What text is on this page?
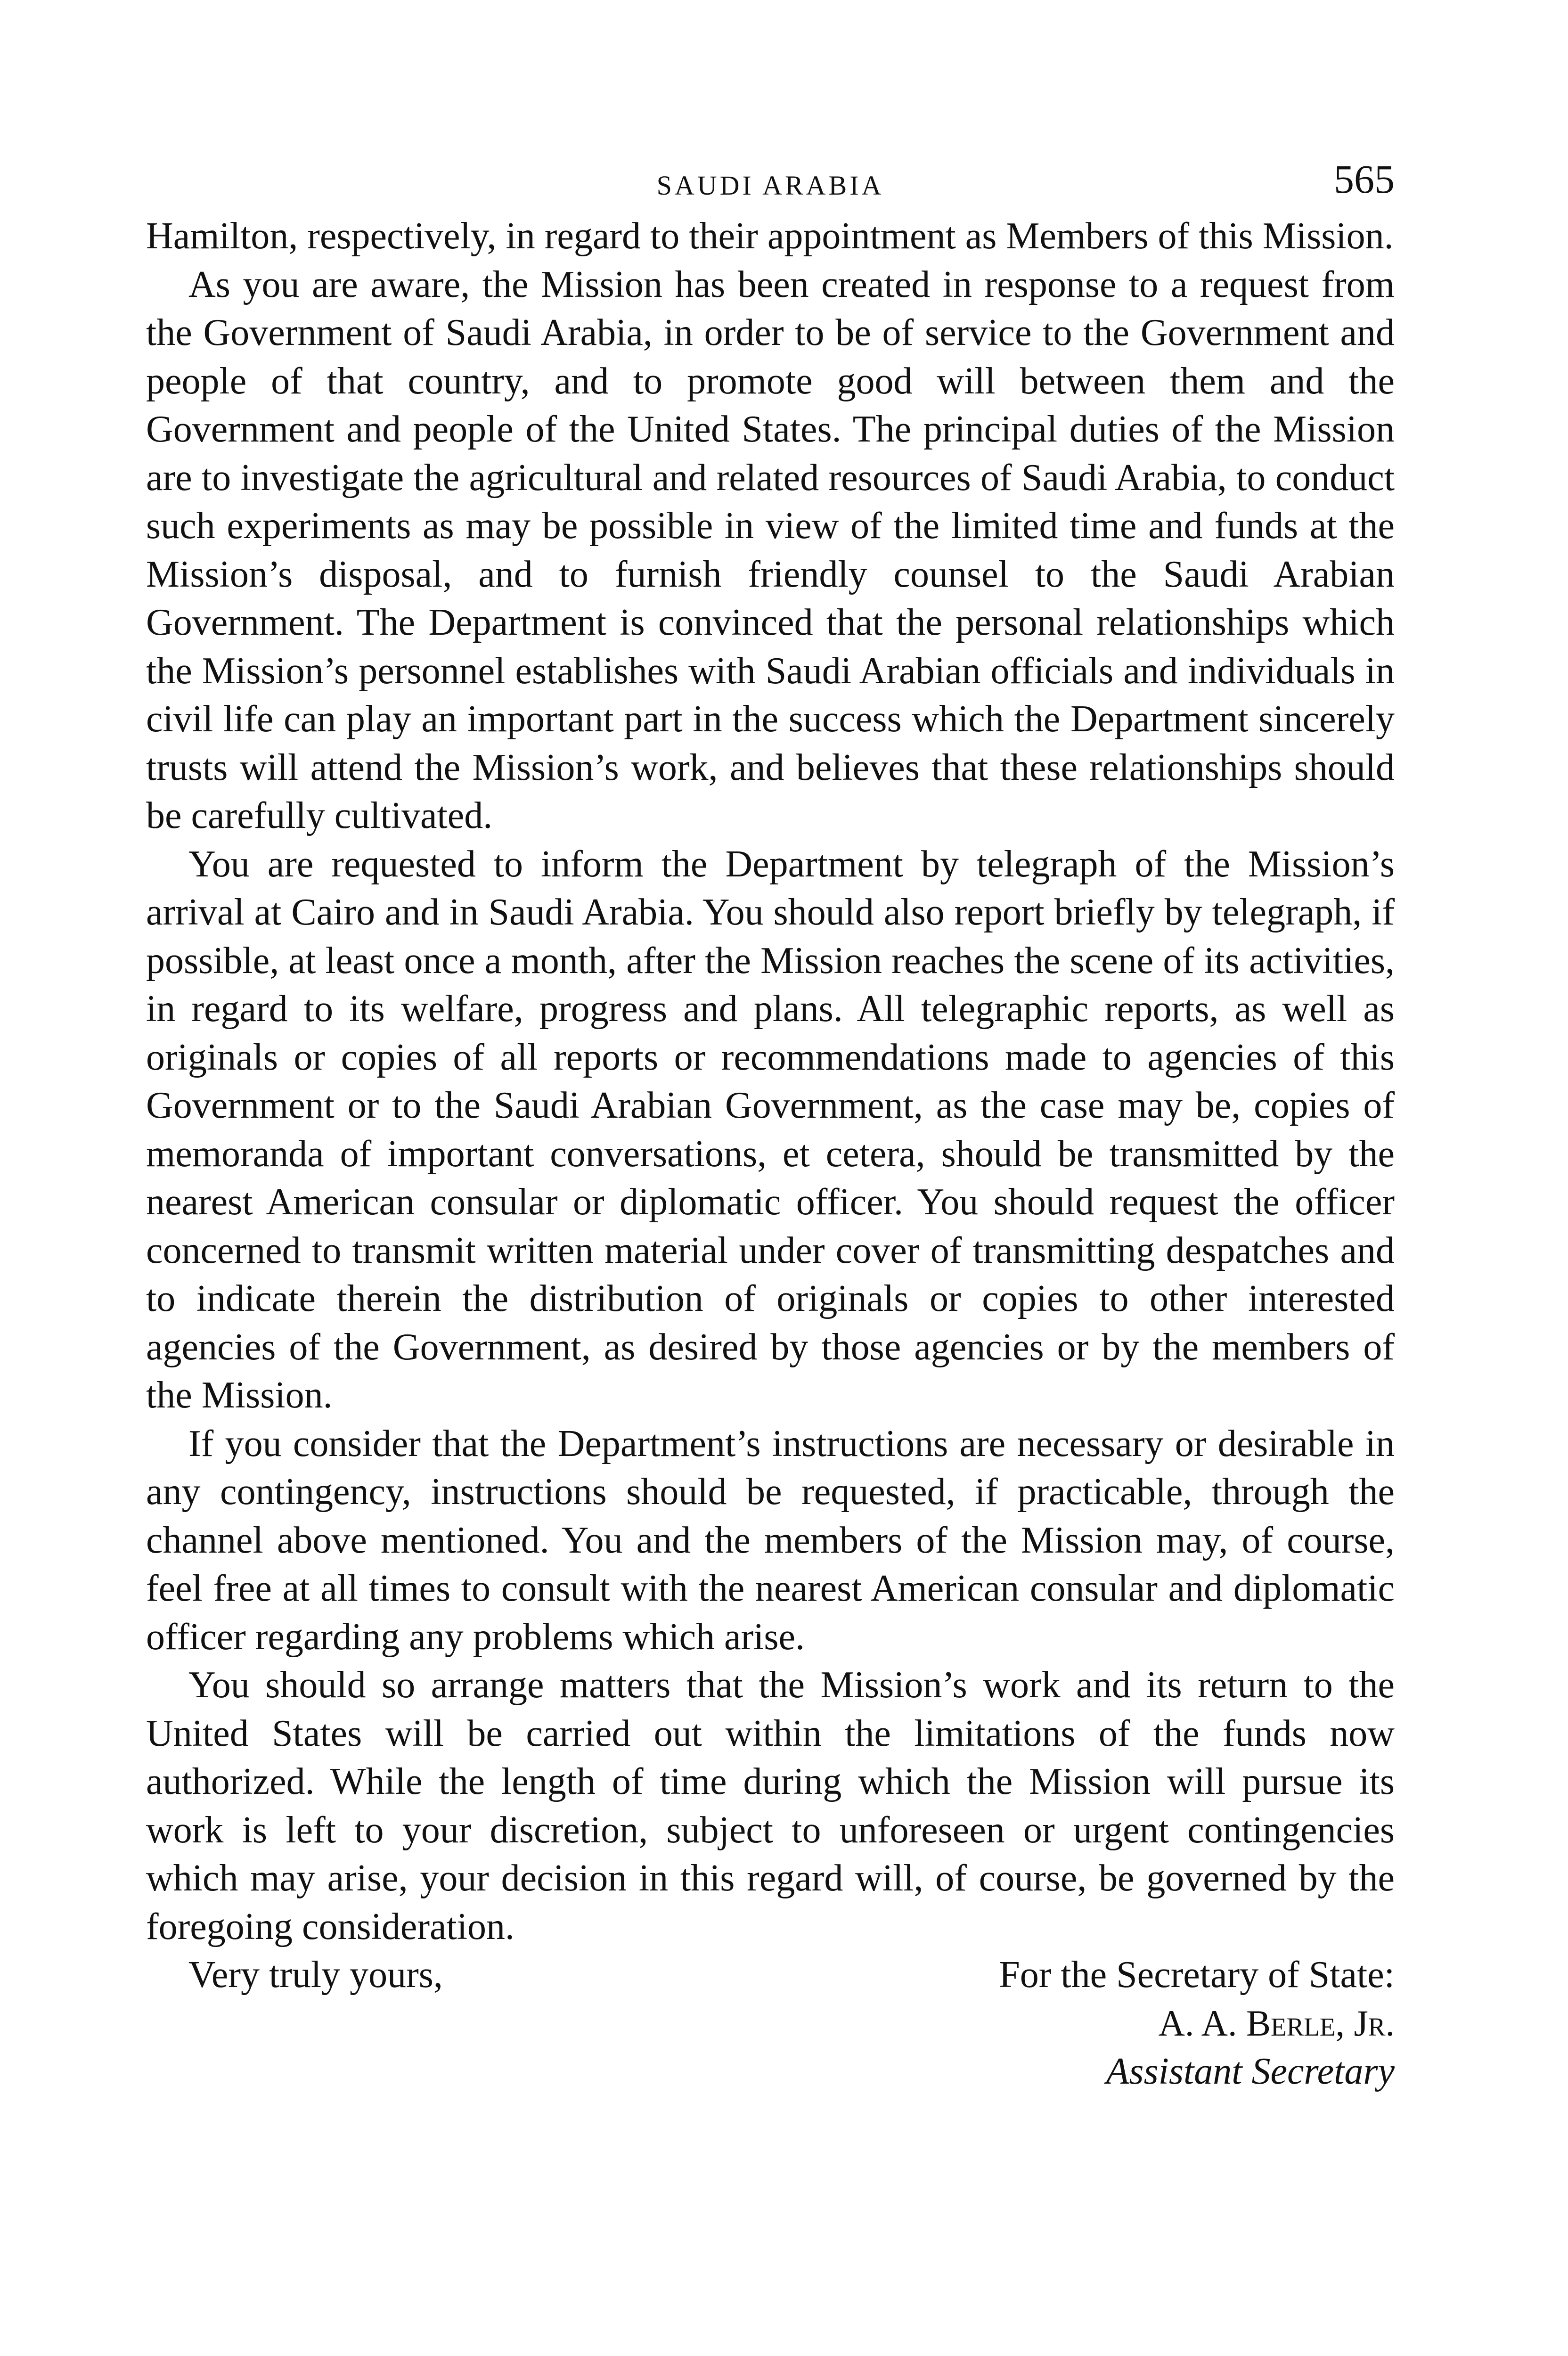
SAUDI ARABIA	565

Hamilton, respectively, in regard to their appointment as Members of this Mission.

As you are aware, the Mission has been created in response to a request from the Government of Saudi Arabia, in order to be of service to the Government and people of that country, and to promote good will between them and the Government and people of the United States. The principal duties of the Mission are to investigate the agricultural and related resources of Saudi Arabia, to conduct such experiments as may be possible in view of the limited time and funds at the Mission’s disposal, and to furnish friendly counsel to the Saudi Arabian Government. The Department is convinced that the personal relationships which the Mission’s personnel establishes with Saudi Arabian officials and individuals in civil life can play an important part in the success which the Department sincerely trusts will attend the Mission’s work, and believes that these relationships should be carefully cultivated.

You are requested to inform the Department by telegraph of the Mission’s arrival at Cairo and in Saudi Arabia. You should also report briefly by telegraph, if possible, at least once a month, after the Mission reaches the scene of its activities, in regard to its welfare, progress and plans. All telegraphic reports, as well as originals or copies of all reports or recommendations made to agencies of this Government or to the Saudi Arabian Government, as the case may be, copies of memoranda of important conversations, et cetera, should be transmitted by the nearest American consular or diplomatic officer. You should request the officer concerned to transmit written material under cover of transmitting despatches and to indicate therein the distribution of originals or copies to other interested agencies of the Government, as desired by those agencies or by the members of the Mission.

If you consider that the Department’s instructions are necessary or desirable in any contingency, instructions should be requested, if practicable, through the channel above mentioned. You and the members of the Mission may, of course, feel free at all times to consult with the nearest American consular and diplomatic officer regarding any problems which arise.

You should so arrange matters that the Mission’s work and its return to the United States will be carried out within the limitations of the funds now authorized. While the length of time during which the Mission will pursue its work is left to your discretion, subject to unforeseen or urgent contingencies which may arise, your decision in this regard will, of course, be governed by the foregoing consideration.

Very truly yours,	For the Secretary of State:
A. A. Berle, Jr.
Assistant Secretary
